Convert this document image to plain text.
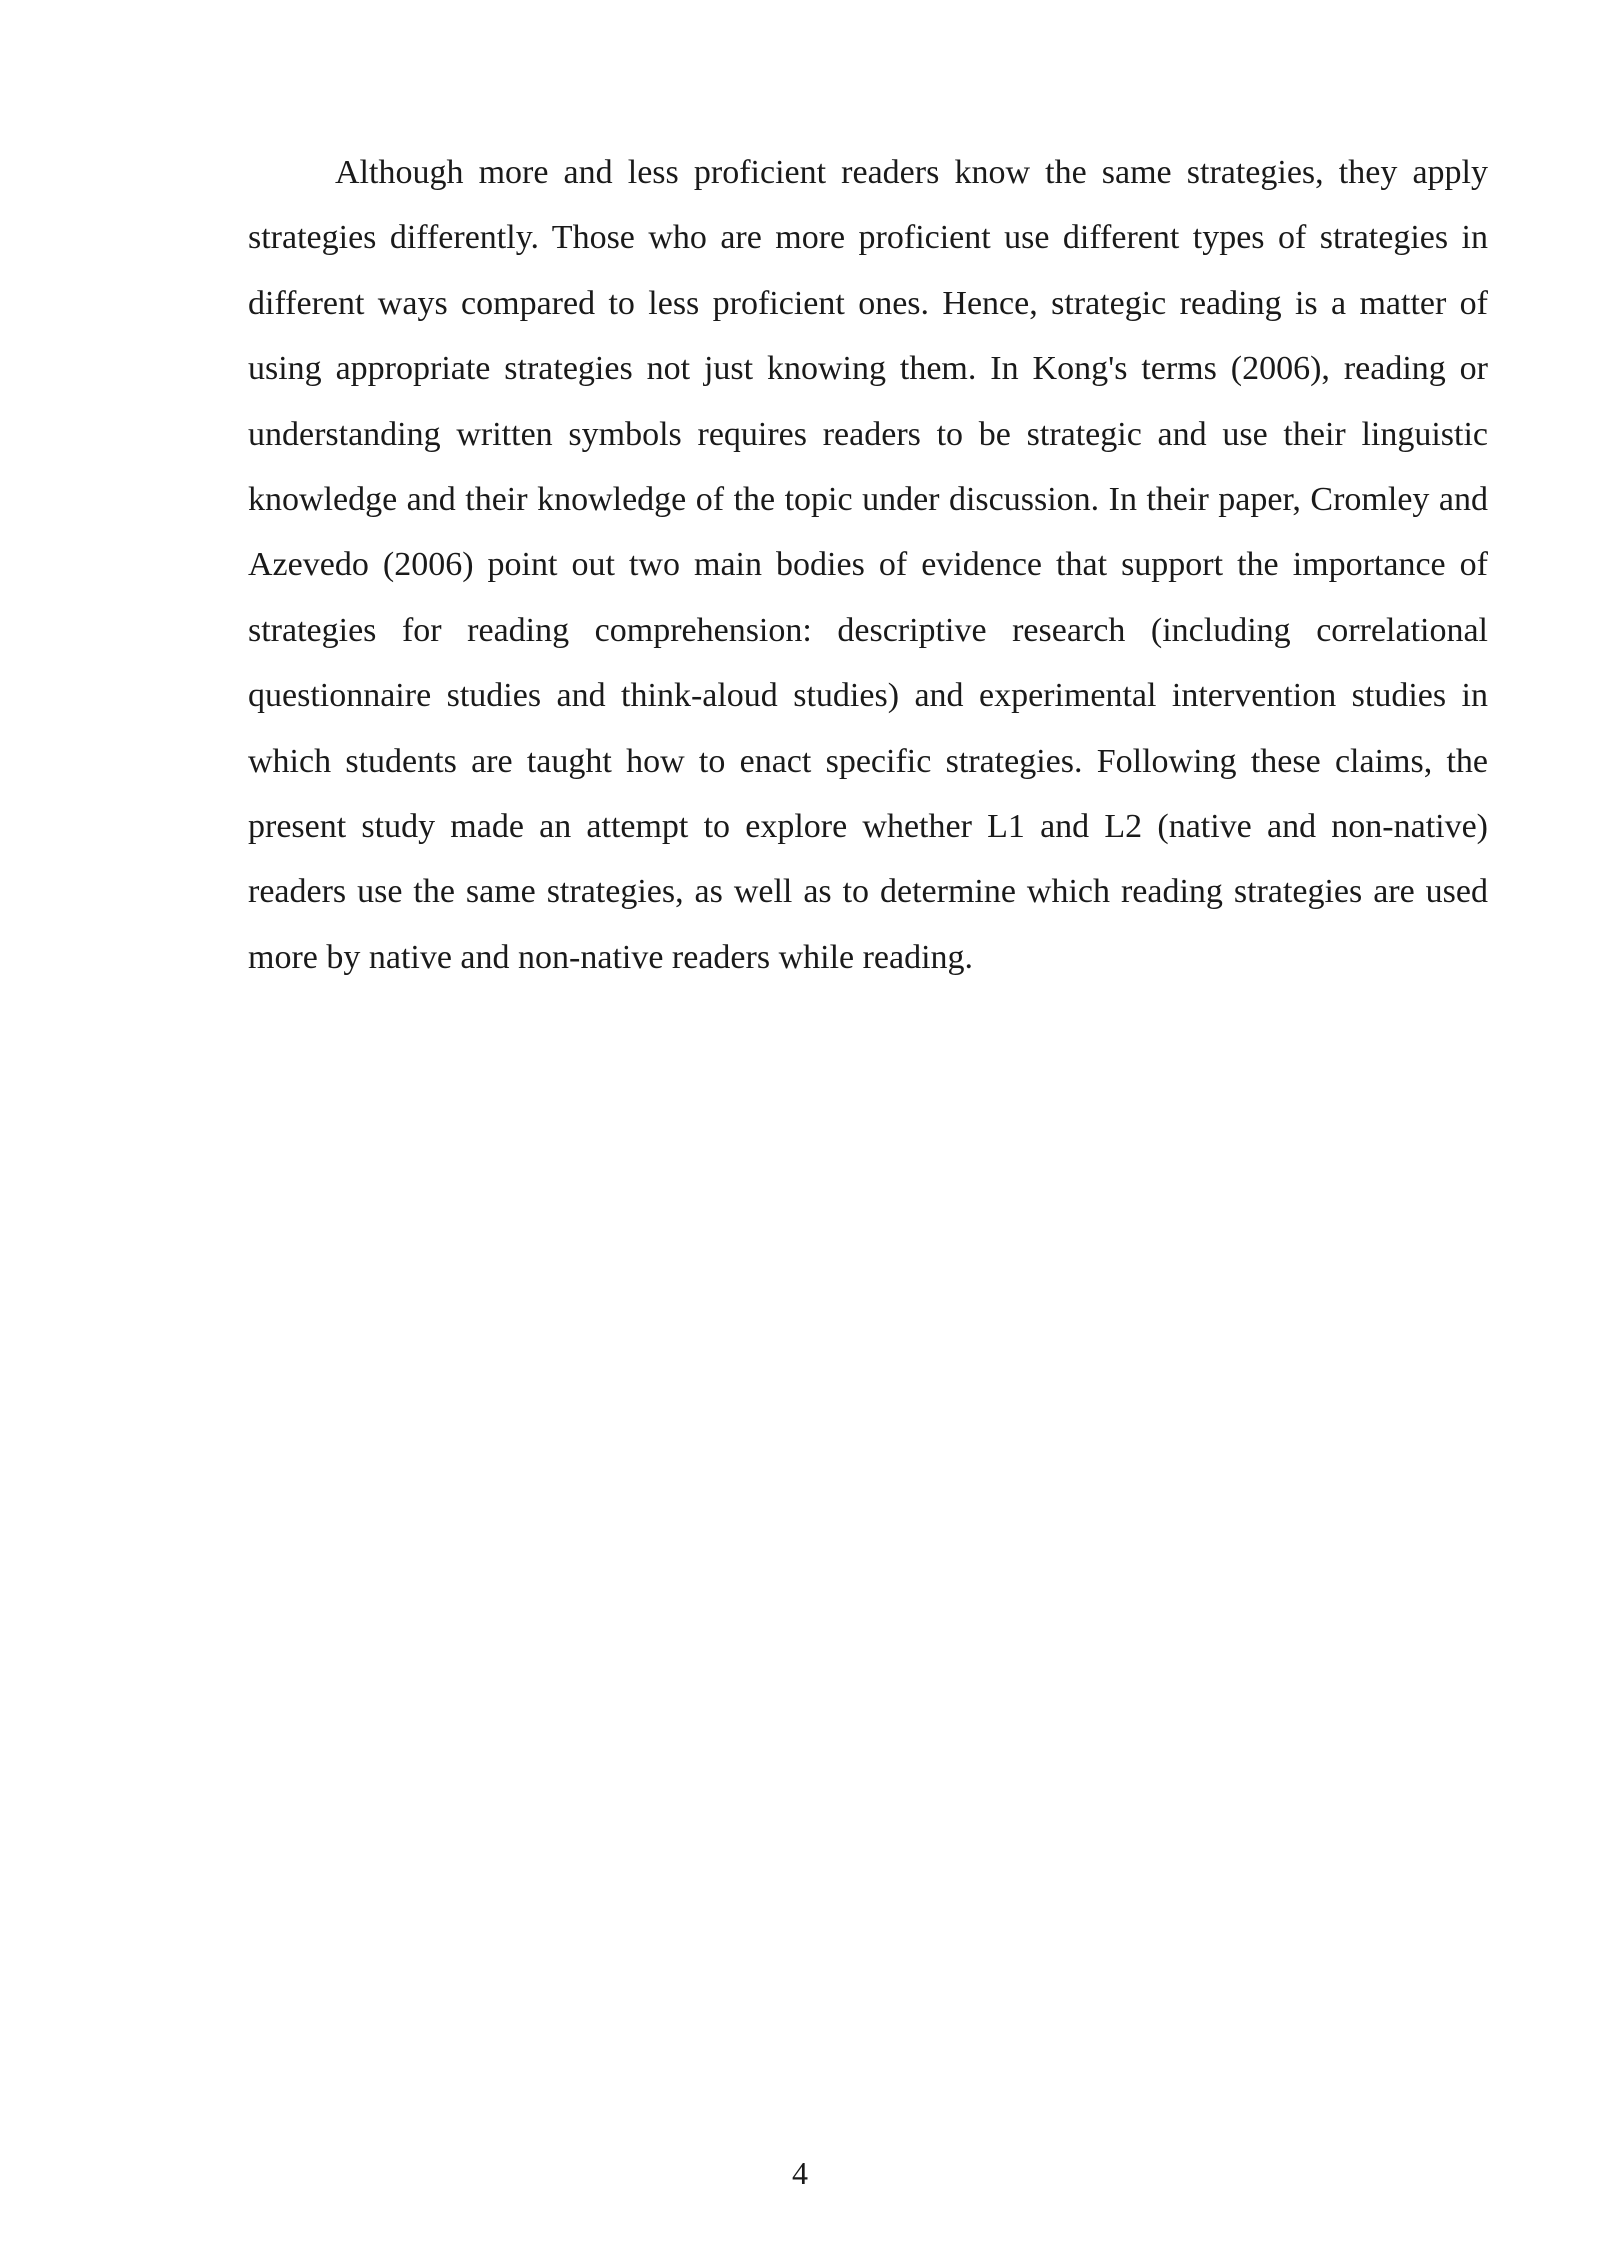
Although more and less proficient readers know the same strategies, they apply strategies differently. Those who are more proficient use different types of strategies in different ways compared to less proficient ones. Hence, strategic reading is a matter of using appropriate strategies not just knowing them. In Kong's terms (2006), reading or understanding written symbols requires readers to be strategic and use their linguistic knowledge and their knowledge of the topic under discussion. In their paper, Cromley and Azevedo (2006) point out two main bodies of evidence that support the importance of strategies for reading comprehension: descriptive research (including correlational questionnaire studies and think-aloud studies) and experimental intervention studies in which students are taught how to enact specific strategies. Following these claims, the present study made an attempt to explore whether L1 and L2 (native and non-native) readers use the same strategies, as well as to determine which reading strategies are used more by native and non-native readers while reading.

4
